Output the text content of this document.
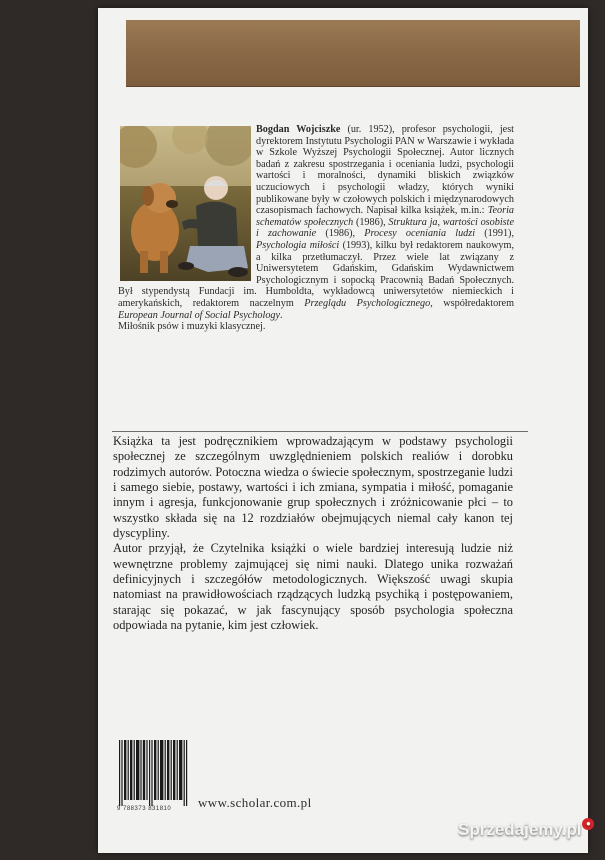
Bogdan Wojciszke (ur. 1952), profesor psychologii, jest dyrektorem Instytutu Psychologii PAN w Warszawie i wykłada w Szkole Wyższej Psychologii Społecznej. Autor licznych badań z zakresu spostrzegania i oceniania ludzi, psychologii wartości i moralności, dynamiki bliskich związków uczuciowych i psychologii władzy, których wyniki publikowane były w czołowych polskich i międzynarodowych czasopismach fachowych. Napisał kilka książek, m.in.: Teoria schematów społecznych (1986), Struktura ja, wartości osobiste i zachowanie (1986), Procesy oceniania ludzi (1991), Psychologia miłości (1993), kilku był redaktorem naukowym, a kilka przetłumaczył. Przez wiele lat związany z Uniwersytetem Gdańskim, Gdańskim Wydawnictwem Psychologicznym i sopocką Pracownią Badań Społecznych. Był stypendystą Fundacji im. Humboldta, wykładowcą uniwersytetów niemieckich i amerykańskich, redaktorem naczelnym Przeglądu Psychologicznego, współredaktorem European Journal of Social Psychology.
Miłośnik psów i muzyki klasycznej.

Książka ta jest podręcznikiem wprowadzającym w podstawy psychologii społecznej ze szczególnym uwzględnieniem polskich realiów i dorobku rodzimych autorów. Potoczna wiedza o świecie społecznym, spostrzeganie ludzi i samego siebie, postawy, wartości i ich zmiana, sympatia i miłość, pomaganie innym i agresja, funkcjonowanie grup społecznych i zróżnicowanie płci – to wszystko składa się na 12 rozdziałów obejmujących niemal cały kanon tej dyscypliny.

Autor przyjął, że Czytelnika książki o wiele bardziej interesują ludzie niż wewnętrzne problemy zajmującej się nimi nauki. Dlatego unika rozważań definicyjnych i szczegółów metodologicznych. Większość uwagi skupia natomiast na prawidłowościach rządzących ludzką psychiką i postępowaniem, starając się pokazać, w jak fascynujący sposób psychologia społeczna odpowiada na pytanie, kim jest człowiek.

9 788373 831810 www.scholar.com.pl
Sprzedajemy.pl ●
